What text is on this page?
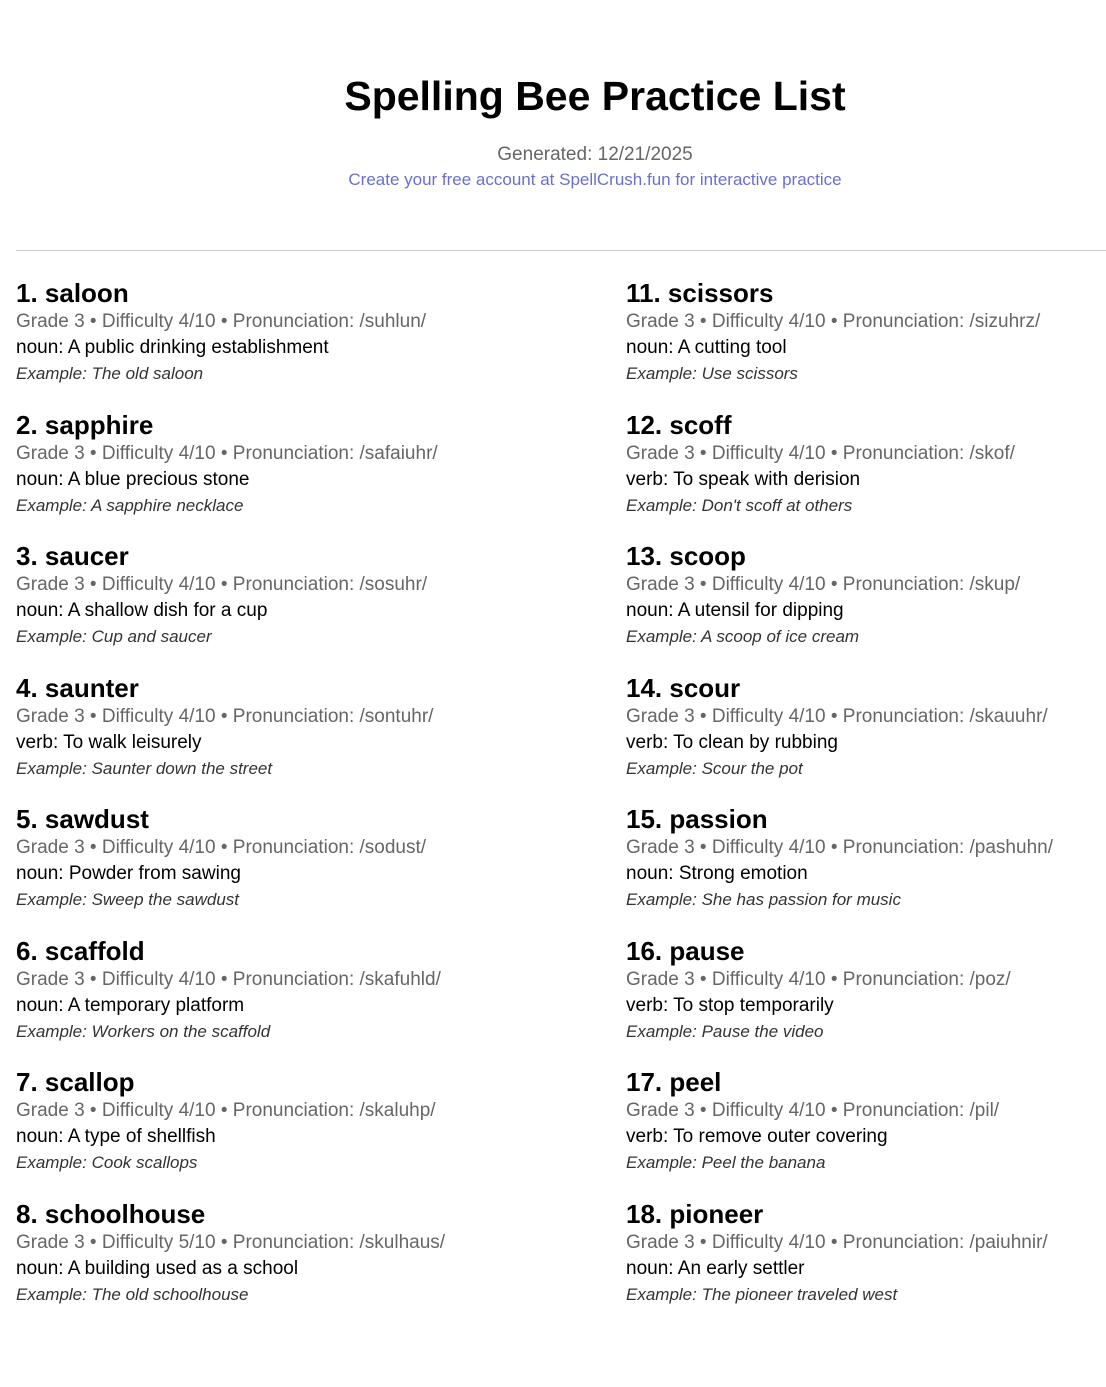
Spelling Bee Practice List
Generated: 12/21/2025
Create your free account at SpellCrush.fun for interactive practice
1. saloon
Grade 3 • Difficulty 4/10 • Pronunciation: /suhlun/
noun: A public drinking establishment
Example: The old saloon
2. sapphire
Grade 3 • Difficulty 4/10 • Pronunciation: /safaiuhr/
noun: A blue precious stone
Example: A sapphire necklace
3. saucer
Grade 3 • Difficulty 4/10 • Pronunciation: /sosuhr/
noun: A shallow dish for a cup
Example: Cup and saucer
4. saunter
Grade 3 • Difficulty 4/10 • Pronunciation: /sontuhr/
verb: To walk leisurely
Example: Saunter down the street
5. sawdust
Grade 3 • Difficulty 4/10 • Pronunciation: /sodust/
noun: Powder from sawing
Example: Sweep the sawdust
6. scaffold
Grade 3 • Difficulty 4/10 • Pronunciation: /skafuhld/
noun: A temporary platform
Example: Workers on the scaffold
7. scallop
Grade 3 • Difficulty 4/10 • Pronunciation: /skaluhp/
noun: A type of shellfish
Example: Cook scallops
8. schoolhouse
Grade 3 • Difficulty 5/10 • Pronunciation: /skulhaus/
noun: A building used as a school
Example: The old schoolhouse
11. scissors
Grade 3 • Difficulty 4/10 • Pronunciation: /sizuhrz/
noun: A cutting tool
Example: Use scissors
12. scoff
Grade 3 • Difficulty 4/10 • Pronunciation: /skof/
verb: To speak with derision
Example: Don't scoff at others
13. scoop
Grade 3 • Difficulty 4/10 • Pronunciation: /skup/
noun: A utensil for dipping
Example: A scoop of ice cream
14. scour
Grade 3 • Difficulty 4/10 • Pronunciation: /skauuhr/
verb: To clean by rubbing
Example: Scour the pot
15. passion
Grade 3 • Difficulty 4/10 • Pronunciation: /pashuhn/
noun: Strong emotion
Example: She has passion for music
16. pause
Grade 3 • Difficulty 4/10 • Pronunciation: /poz/
verb: To stop temporarily
Example: Pause the video
17. peel
Grade 3 • Difficulty 4/10 • Pronunciation: /pil/
verb: To remove outer covering
Example: Peel the banana
18. pioneer
Grade 3 • Difficulty 4/10 • Pronunciation: /paiuhnir/
noun: An early settler
Example: The pioneer traveled west
